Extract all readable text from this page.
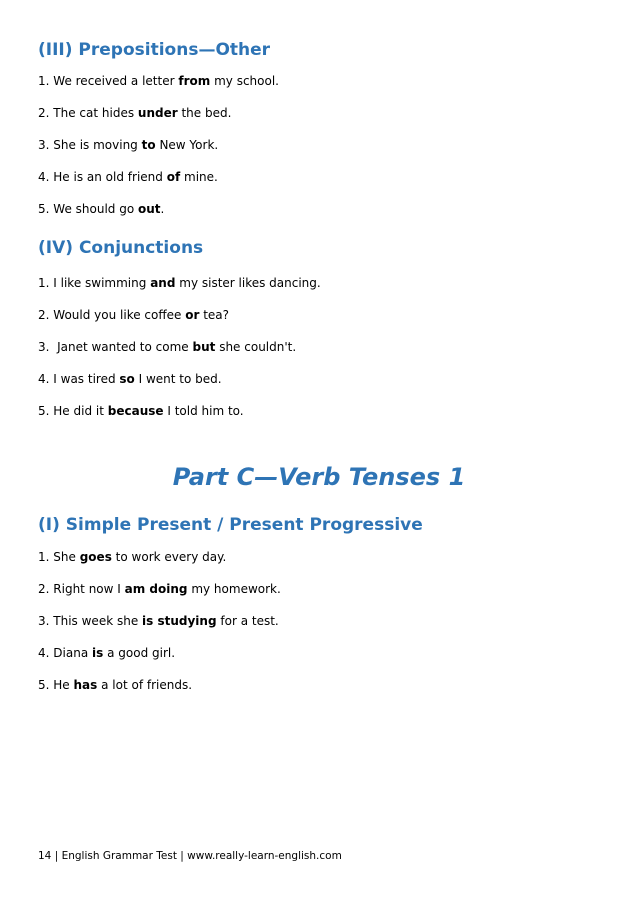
(III) Prepositions—Other

1. We received a letter from my school.

2. The cat hides under the bed.

3. She is moving to New York.

4. He is an old friend of mine.

5. We should go out.

(IV) Conjunctions

1. I like swimming and my sister likes dancing.

2. Would you like coffee or tea?

3.  Janet wanted to come but she couldn't.

4. I was tired so I went to bed.

5. He did it because I told him to.

Part C—Verb Tenses 1
(I) Simple Present / Present Progressive

1. She goes to work every day.

2. Right now I am doing my homework.

3. This week she is studying for a test.

4. Diana is a good girl.

5. He has a lot of friends.

14 | English Grammar Test | www.really-learn-english.com
